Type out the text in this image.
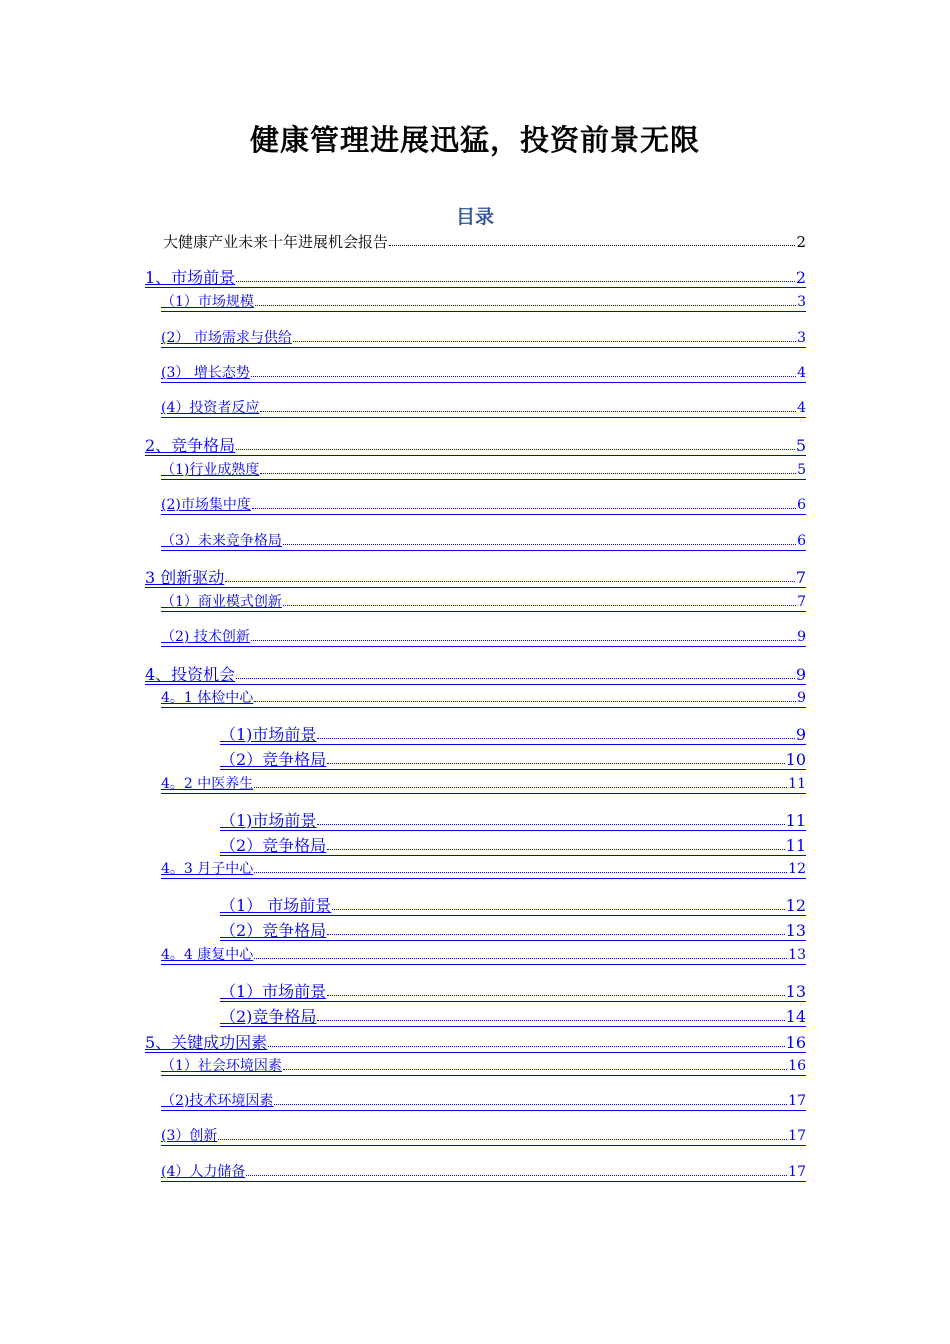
健康管理进展迅猛，投资前景无限
目录
大健康产业未来十年进展机会报告	2
1、市场前景	2
（1）市场规模	3
(2） 市场需求与供给	3
(3） 增长态势	4
(4）投资者反应	4
2、竞争格局	5
（1)行业成熟度	5
(2)市场集中度	6
（3）未来竞争格局	6
3 创新驱动	7
（1）商业模式创新	7
（2) 技术创新	9
4、投资机会	9
4。1 体检中心	9
（1)市场前景	9
（2）竞争格局	10
4。2 中医养生	11
（1)市场前景	11
（2）竞争格局	11
4。3 月子中心	12
（1） 市场前景	12
（2）竞争格局	13
4。4 康复中心	13
（1）市场前景	13
（2)竞争格局	14
5、关键成功因素	16
（1）社会环境因素	16
（2)技术环境因素	17
(3）创新	17
(4）人力储备	17
